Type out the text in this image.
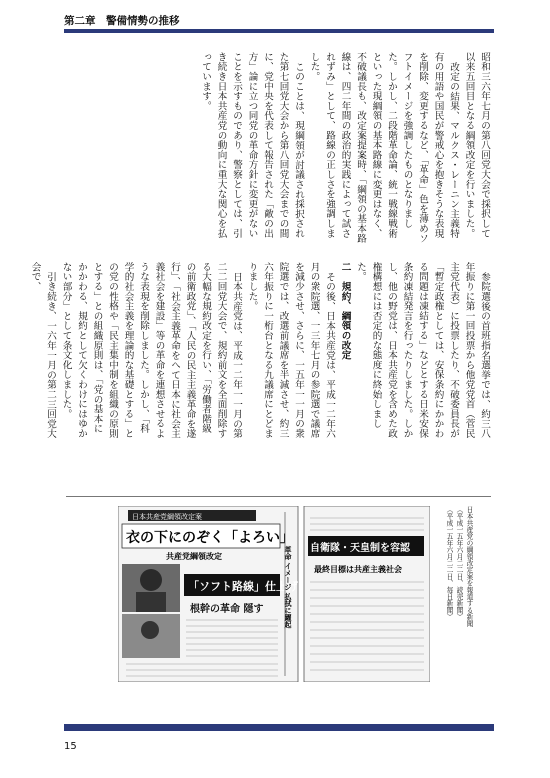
第二章　警備情勢の推移

昭和三六年七月の第八回党大会で採択して以来五回目となる綱領改定を行いました。

改定の結果、マルクス・レーニン主義特有の用語や国民が警戒心を抱きそうな表現を削除、変更するなど、「革命」色を薄めソフトイメージを強調したものとなりました。しかし、二段階革命論、統一戦線戦術といった現綱領の基本路線に変更はなく、不破議長も、改定案提案時、「綱領の基本路線は、四二年間の政治的実践によって試されずみ」として、路線の正しさを強調しました。

このことは、現綱領が討議され採択された第七回党大会から第八回党大会までの間に、党中央を代表して報告された「敵の出方」論に立つ同党の革命方針に変更がないことを示すものであり、警察としては、引き続き日本共産党の動向に重大な関心を払っています。

参院選後の首班指名選挙では、約三八年振りに第一回投票から他党党首（菅民主党代表）に投票したり、不破委員長が「暫定政権としては、安保条約にかかわる問題は凍結する」などとする日米安保条約凍結発言を行ったりしました。しかし、他の野党は、日本共産党を含めた政権構想には否定的な態度に終始しました。

二　規約、綱領の改定

その後、日本共産党は、平成一二年六月の衆院選、一三年七月の参院選で議席を減少させ、さらに、一五年一一月の衆院選では、改選前議席を半減させ、約三六年振りに一桁台となる九議席にとどまりました。

日本共産党は、平成一二年一一月の第二二回党大会で、規約前文を全面削除する大幅な規約改定を行い、「労働者階級の前衛政党」、「人民の民主主義革命を遂行」、「社会主義革命をへて日本に社会主義社会を建設」等の革命を連想させるような表現を削除しました。しかし、「科学的社会主義を理論的な基礎とする」との党の性格や「民主集中制を組織の原則とする」との組織原則は、「党の基本にかかわる、規約として欠くわけにはゆかない部分」として条文化しました。

引き続き、一六年一月の第二三回党大会で、

日本共産党綱領改定案
衣の下にのぞく「よろい」
共産党綱領改定
「ソフト路線」仕上げ
根幹の革命 隠す	革命 イメージ 払拭に躍起 自衛隊・天皇制を容認
最終目標は共産主義社会	日本共産党の綱領改定案を報道する新聞

（平成一五年六月二二日、読売新聞）

（平成一五年六月二二日、毎日新聞）

15
